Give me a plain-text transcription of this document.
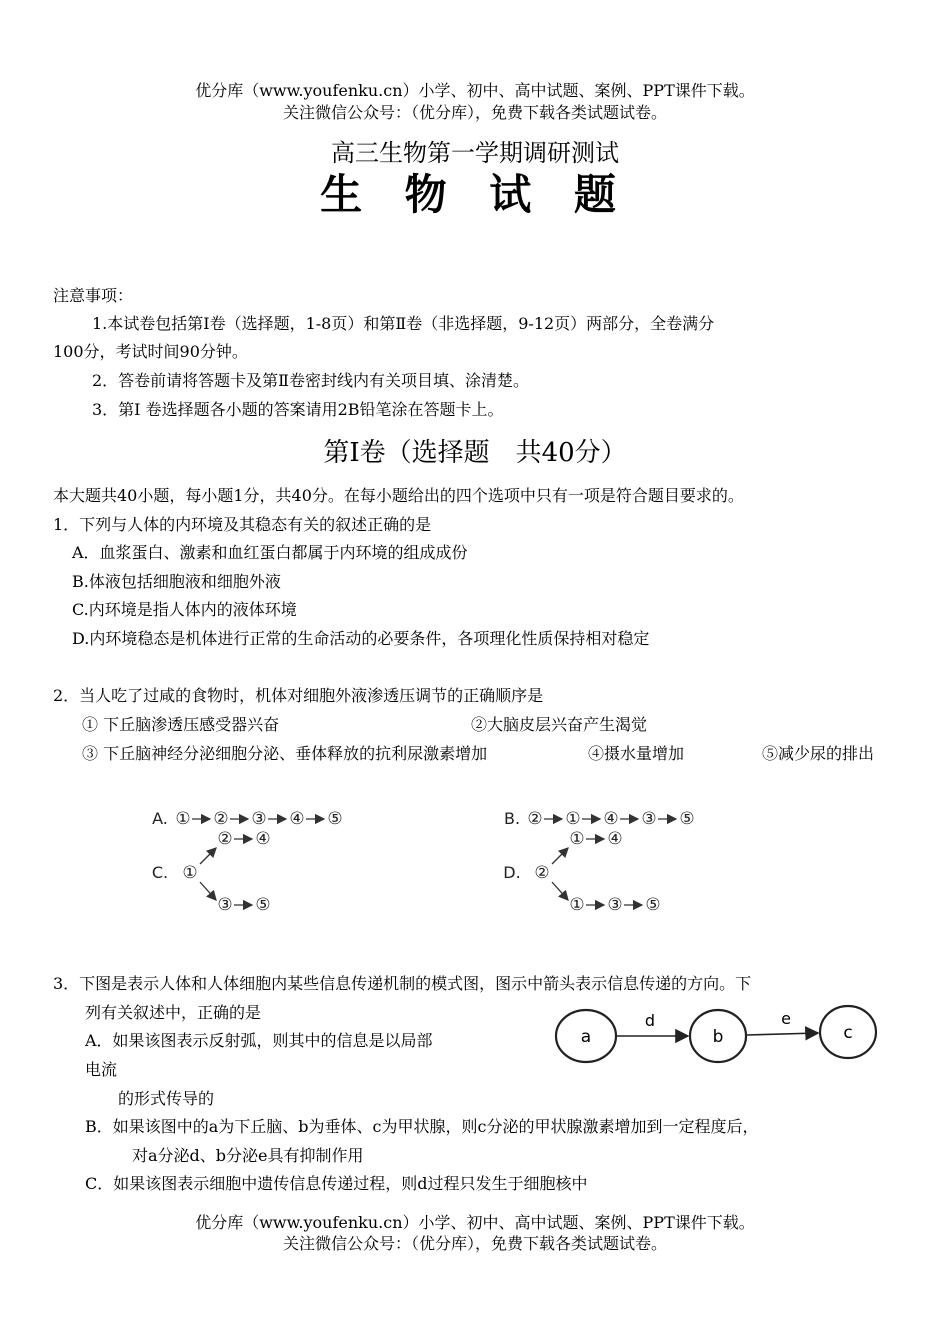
优分库（www.youfenku.cn）小学、初中、高中试题、案例、PPT课件下载。
关注微信公众号：（优分库），免费下载各类试题试卷。
高三生物第一学期调研测试
生 物 试 题
注意事项：
1.本试卷包括第Ⅰ卷（选择题，1-8页）和第Ⅱ卷（非选择题，9-12页）两部分，全卷满分
100分，考试时间90分钟。
2．答卷前请将答题卡及第Ⅱ卷密封线内有关项目填、涂清楚。
3．第Ⅰ 卷选择题各小题的答案请用2B铅笔涂在答题卡上。
第Ⅰ卷（选择题　共40分）
本大题共40小题，每小题1分，共40分。在每小题给出的四个选项中只有一项是符合题目要求的。
1．下列与人体的内环境及其稳态有关的叙述正确的是
A．血浆蛋白、激素和血红蛋白都属于内环境的组成成份
B.体液包括细胞液和细胞外液
C.内环境是指人体内的液体环境
D.内环境稳态是机体进行正常的生命活动的必要条件，各项理化性质保持相对稳定
2．当人吃了过咸的食物时，机体对细胞外液渗透压调节的正确顺序是
① 下丘脑渗透压感受器兴奋	②大脑皮层兴奋产生渴觉
③ 下丘脑神经分泌细胞分泌、垂体释放的抗利尿激素增加	④摄水量增加	⑤减少尿的排出
A. ① ② ③ ④ ⑤
C. ①
② ④
③ ⑤
B. ② ① ④ ③ ⑤
D. ②
① ④
① ③ ⑤
3．下图是表示人体和人体细胞内某些信息传递机制的模式图，图示中箭头表示信息传递的方向。下
列有关叙述中，正确的是
A．如果该图表示反射弧，则其中的信息是以局部
电流
的形式传导的
B．如果该图中的a为下丘脑、b为垂体、c为甲状腺，则c分泌的甲状腺激素增加到一定程度后，
对a分泌d、b分泌e具有抑制作用
C．如果该图表示细胞中遗传信息传递过程，则d过程只发生于细胞核中
a	b	c
d	e
优分库（www.youfenku.cn）小学、初中、高中试题、案例、PPT课件下载。
关注微信公众号：（优分库），免费下载各类试题试卷。
